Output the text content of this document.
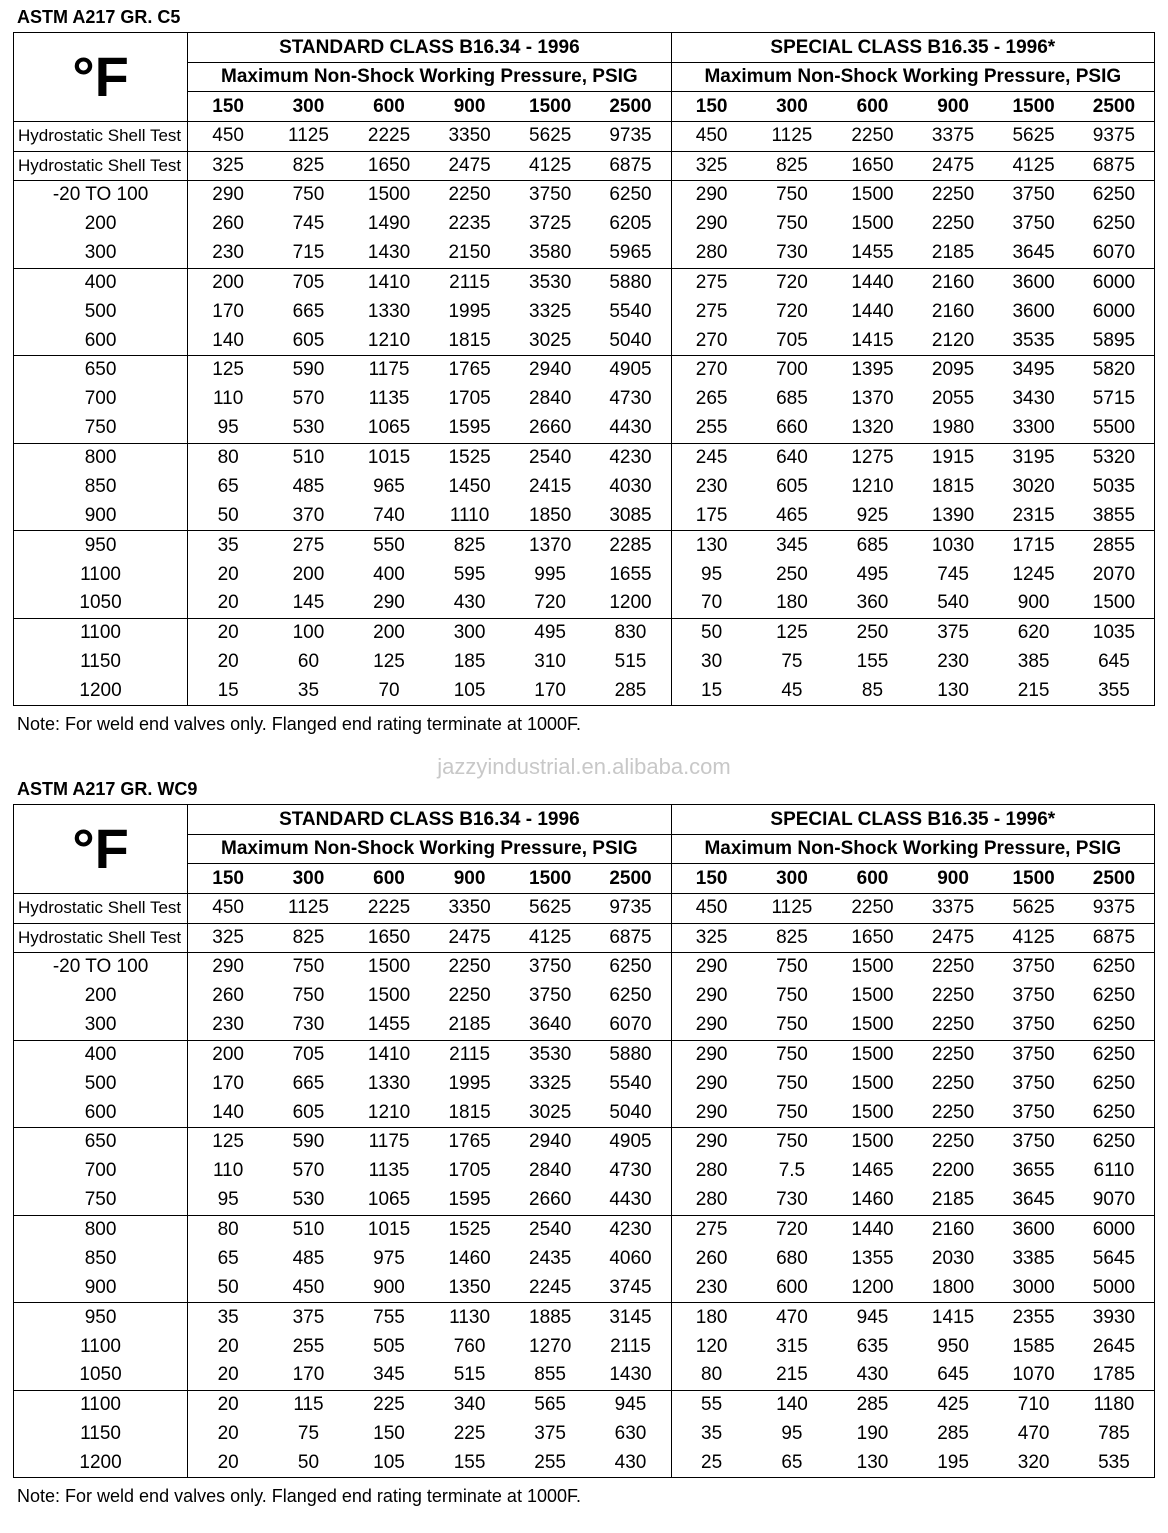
jazzyindustrial.en.alibaba.com
ASTM A217 GR. C5
°F	STANDARD CLASS B16.34 - 1996						SPECIAL CLASS B16.35 - 1996*					
	Maximum Non-Shock Working Pressure, PSIG						Maximum Non-Shock Working Pressure, PSIG					
	150	300	600	900	1500	2500	150	300	600	900	1500	2500
Hydrostatic Shell Test	450	1125	2225	3350	5625	9735	450	1125	2250	3375	5625	9375
Hydrostatic Shell Test	325	825	1650	2475	4125	6875	325	825	1650	2475	4125	6875
-20 TO 100	290	750	1500	2250	3750	6250	290	750	1500	2250	3750	6250
200	260	745	1490	2235	3725	6205	290	750	1500	2250	3750	6250
300	230	715	1430	2150	3580	5965	280	730	1455	2185	3645	6070
400	200	705	1410	2115	3530	5880	275	720	1440	2160	3600	6000
500	170	665	1330	1995	3325	5540	275	720	1440	2160	3600	6000
600	140	605	1210	1815	3025	5040	270	705	1415	2120	3535	5895
650	125	590	1175	1765	2940	4905	270	700	1395	2095	3495	5820
700	110	570	1135	1705	2840	4730	265	685	1370	2055	3430	5715
750	95	530	1065	1595	2660	4430	255	660	1320	1980	3300	5500
800	80	510	1015	1525	2540	4230	245	640	1275	1915	3195	5320
850	65	485	965	1450	2415	4030	230	605	1210	1815	3020	5035
900	50	370	740	1110	1850	3085	175	465	925	1390	2315	3855
950	35	275	550	825	1370	2285	130	345	685	1030	1715	2855
1100	20	200	400	595	995	1655	95	250	495	745	1245	2070
1050	20	145	290	430	720	1200	70	180	360	540	900	1500
1100	20	100	200	300	495	830	50	125	250	375	620	1035
1150	20	60	125	185	310	515	30	75	155	230	385	645
1200	15	35	70	105	170	285	15	45	85	130	215	355
Note: For weld end valves only. Flanged end rating terminate at 1000F.
ASTM A217 GR. WC9
°F	STANDARD CLASS B16.34 - 1996						SPECIAL CLASS B16.35 - 1996*					
	Maximum Non-Shock Working Pressure, PSIG						Maximum Non-Shock Working Pressure, PSIG					
	150	300	600	900	1500	2500	150	300	600	900	1500	2500
Hydrostatic Shell Test	450	1125	2225	3350	5625	9735	450	1125	2250	3375	5625	9375
Hydrostatic Shell Test	325	825	1650	2475	4125	6875	325	825	1650	2475	4125	6875
-20 TO 100	290	750	1500	2250	3750	6250	290	750	1500	2250	3750	6250
200	260	750	1500	2250	3750	6250	290	750	1500	2250	3750	6250
300	230	730	1455	2185	3640	6070	290	750	1500	2250	3750	6250
400	200	705	1410	2115	3530	5880	290	750	1500	2250	3750	6250
500	170	665	1330	1995	3325	5540	290	750	1500	2250	3750	6250
600	140	605	1210	1815	3025	5040	290	750	1500	2250	3750	6250
650	125	590	1175	1765	2940	4905	290	750	1500	2250	3750	6250
700	110	570	1135	1705	2840	4730	280	7.5	1465	2200	3655	6110
750	95	530	1065	1595	2660	4430	280	730	1460	2185	3645	9070
800	80	510	1015	1525	2540	4230	275	720	1440	2160	3600	6000
850	65	485	975	1460	2435	4060	260	680	1355	2030	3385	5645
900	50	450	900	1350	2245	3745	230	600	1200	1800	3000	5000
950	35	375	755	1130	1885	3145	180	470	945	1415	2355	3930
1100	20	255	505	760	1270	2115	120	315	635	950	1585	2645
1050	20	170	345	515	855	1430	80	215	430	645	1070	1785
1100	20	115	225	340	565	945	55	140	285	425	710	1180
1150	20	75	150	225	375	630	35	95	190	285	470	785
1200	20	50	105	155	255	430	25	65	130	195	320	535
Note: For weld end valves only. Flanged end rating terminate at 1000F.
